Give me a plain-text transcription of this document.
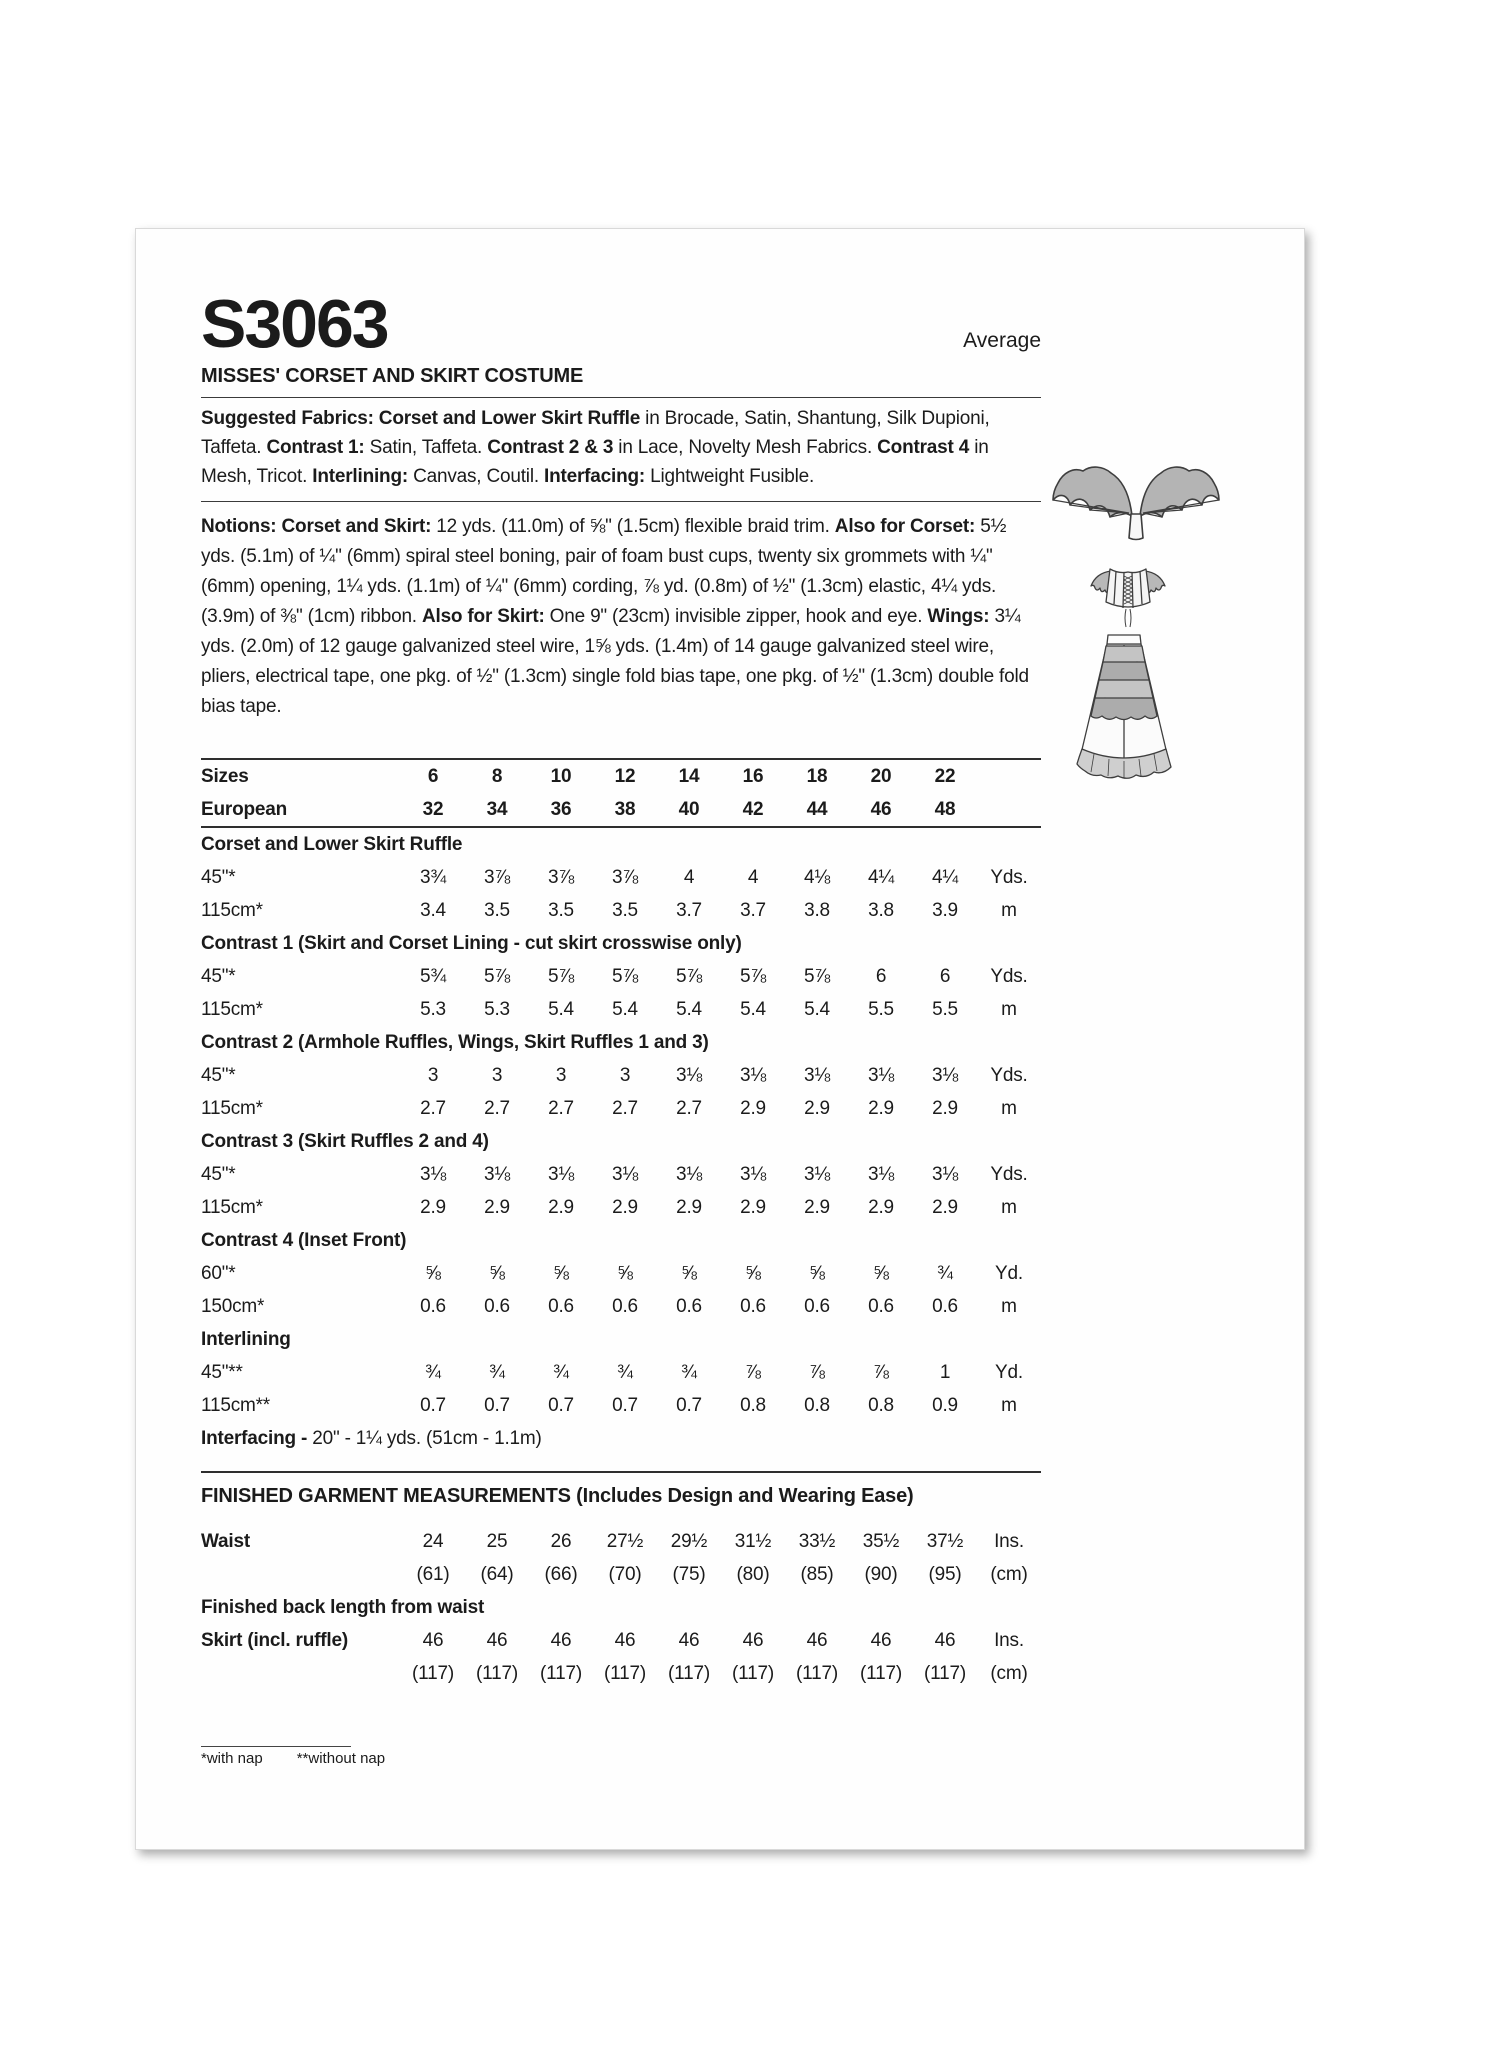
S3063	Average
MISSES' CORSET AND SKIRT COSTUME

Suggested Fabrics: Corset and Lower Skirt Ruffle in Brocade, Satin, Shantung, Silk Dupioni, Taffeta. Contrast 1: Satin, Taffeta. Contrast 2 & 3 in Lace, Novelty Mesh Fabrics. Contrast 4 in Mesh, Tricot. Interlining: Canvas, Coutil. Interfacing: Lightweight Fusible.

Notions: Corset and Skirt: 12 yds. (11.0m) of ⅝" (1.5cm) flexible braid trim. Also for Corset: 5½ yds. (5.1m) of ¼" (6mm) spiral steel boning, pair of foam bust cups, twenty six grommets with ¼" (6mm) opening, 1¼ yds. (1.1m) of ¼" (6mm) cording, ⅞ yd. (0.8m) of ½" (1.3cm) elastic, 4¼ yds. (3.9m) of ⅜" (1cm) ribbon. Also for Skirt: One 9" (23cm) invisible zipper, hook and eye. Wings: 3¼ yds. (2.0m) of 12 gauge galvanized steel wire, 1⅝ yds. (1.4m) of 14 gauge galvanized steel wire, pliers, electrical tape, one pkg. of ½" (1.3cm) single fold bias tape, one pkg. of ½" (1.3cm) double fold bias tape.

Sizes	6	8	10	12	14	16	18	20	22
European	32	34	36	38	40	42	44	46	48
Corset and Lower Skirt Ruffle
45"*	3¾	3⅞	3⅞	3⅞	4	4	4⅛	4¼	4¼	Yds.
115cm*	3.4	3.5	3.5	3.5	3.7	3.7	3.8	3.8	3.9	m
Contrast 1 (Skirt and Corset Lining - cut skirt crosswise only)
45"*	5¾	5⅞	5⅞	5⅞	5⅞	5⅞	5⅞	6	6	Yds.
115cm*	5.3	5.3	5.4	5.4	5.4	5.4	5.4	5.5	5.5	m
Contrast 2 (Armhole Ruffles, Wings, Skirt Ruffles 1 and 3)
45"*	3	3	3	3	3⅛	3⅛	3⅛	3⅛	3⅛	Yds.
115cm*	2.7	2.7	2.7	2.7	2.7	2.9	2.9	2.9	2.9	m
Contrast 3 (Skirt Ruffles 2 and 4)
45"*	3⅛	3⅛	3⅛	3⅛	3⅛	3⅛	3⅛	3⅛	3⅛	Yds.
115cm*	2.9	2.9	2.9	2.9	2.9	2.9	2.9	2.9	2.9	m
Contrast 4 (Inset Front)
60"*	⅝	⅝	⅝	⅝	⅝	⅝	⅝	⅝	¾	Yd.
150cm*	0.6	0.6	0.6	0.6	0.6	0.6	0.6	0.6	0.6	m
Interlining
45"**	¾	¾	¾	¾	¾	⅞	⅞	⅞	1	Yd.
115cm**	0.7	0.7	0.7	0.7	0.7	0.8	0.8	0.8	0.9	m

Interfacing - 20" - 1¼ yds. (51cm - 1.1m)

FINISHED GARMENT MEASUREMENTS (Includes Design and Wearing Ease)
Waist	24	25	26	27½	29½	31½	33½	35½	37½	Ins.
(61)	(64)	(66)	(70)	(75)	(80)	(85)	(90)	(95)	(cm)
Finished back length from waist
Skirt (incl. ruffle)	46	46	46	46	46	46	46	46	46	Ins.
(117)	(117)	(117)	(117)	(117)	(117)	(117)	(117)	(117)	(cm)
*with nap **without nap
